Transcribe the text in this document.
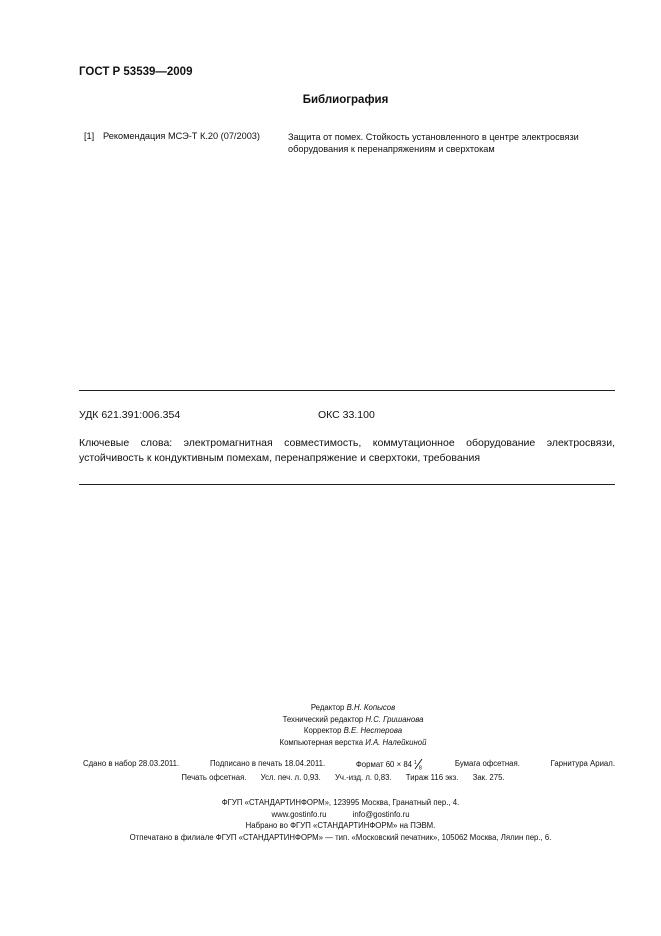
ГОСТ Р 53539—2009
Библиография
[1] Рекомендация МСЭ-Т К.20 (07/2003)	Защита от помех. Стойкость установленного в центре электросвязи
оборудования к перенапряжениям и сверхтокам
УДК 621.391:006.354	ОКС 33.100
Ключевые слова: электромагнитная совместимость, коммутационное оборудование электросвязи,
устойчивость к кондуктивным помехам, перенапряжение и сверхтоки, требования
Редактор В.Н. Копысов
Технический редактор Н.С. Гришанова
Корректор В.Е. Нестерова
Компьютерная верстка И.А. Налейкиной
Сдано в набор 28.03.2011.	Подписано в печать 18.04.2011.	Формат 60 × 84 1
8
Бумага офсетная.	Гарнитура Ариал.
Печать офсетная. Усл. печ. л. 0,93. Уч.-изд. л. 0,83. Тираж 116 экз. Зак. 275.
ФГУП «СТАНДАРТИНФОРМ», 123995 Москва, Гранатный пер., 4.
www.gostinfo.ru	info@gostinfo.ru
Набрано во ФГУП «СТАНДАРТИНФОРМ» на ПЭВМ.
Отпечатано в филиале ФГУП «СТАНДАРТИНФОРМ» — тип. «Московский печатник», 105062 Москва, Лялин пер., 6.
